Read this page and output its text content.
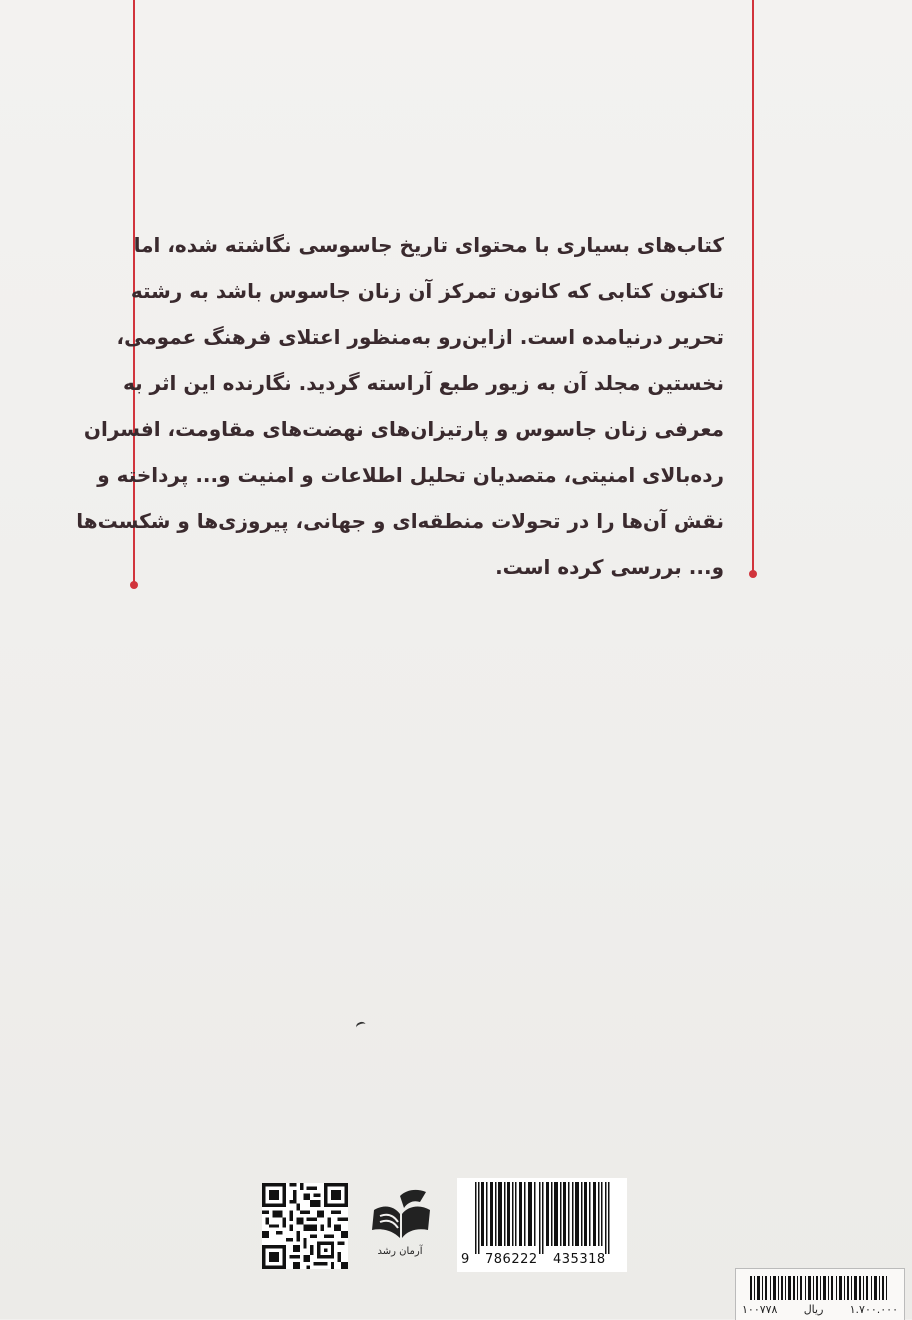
کتاب‌های بسیاری با محتوای تاریخ جاسوسی نگاشته شده، اما
تاکنون کتابی که کانون تمرکز آن زنان جاسوس باشد به رشته
تحریر درنیامده است. ازاین‌رو به‌منظور اعتلای فرهنگ عمومی،
نخستین مجلد آن به زیور طبع آراسته گردید. نگارنده این اثر به
معرفی زنان جاسوس و پارتیزان‌های نهضت‌های مقاومت، افسران
رده‌بالای امنیتی، متصدیان تحلیل اطلاعات و امنیت و... پرداخته و
نقش آن‌ها را در تحولات منطقه‌ای و جهانی، پیروزی‌ها و شکست‌ها
و... بررسی کرده است.
آرمان رشد
9 786222 435318
۱۰۰۷۷۸ ریال ۱.۷۰۰.۰۰۰
